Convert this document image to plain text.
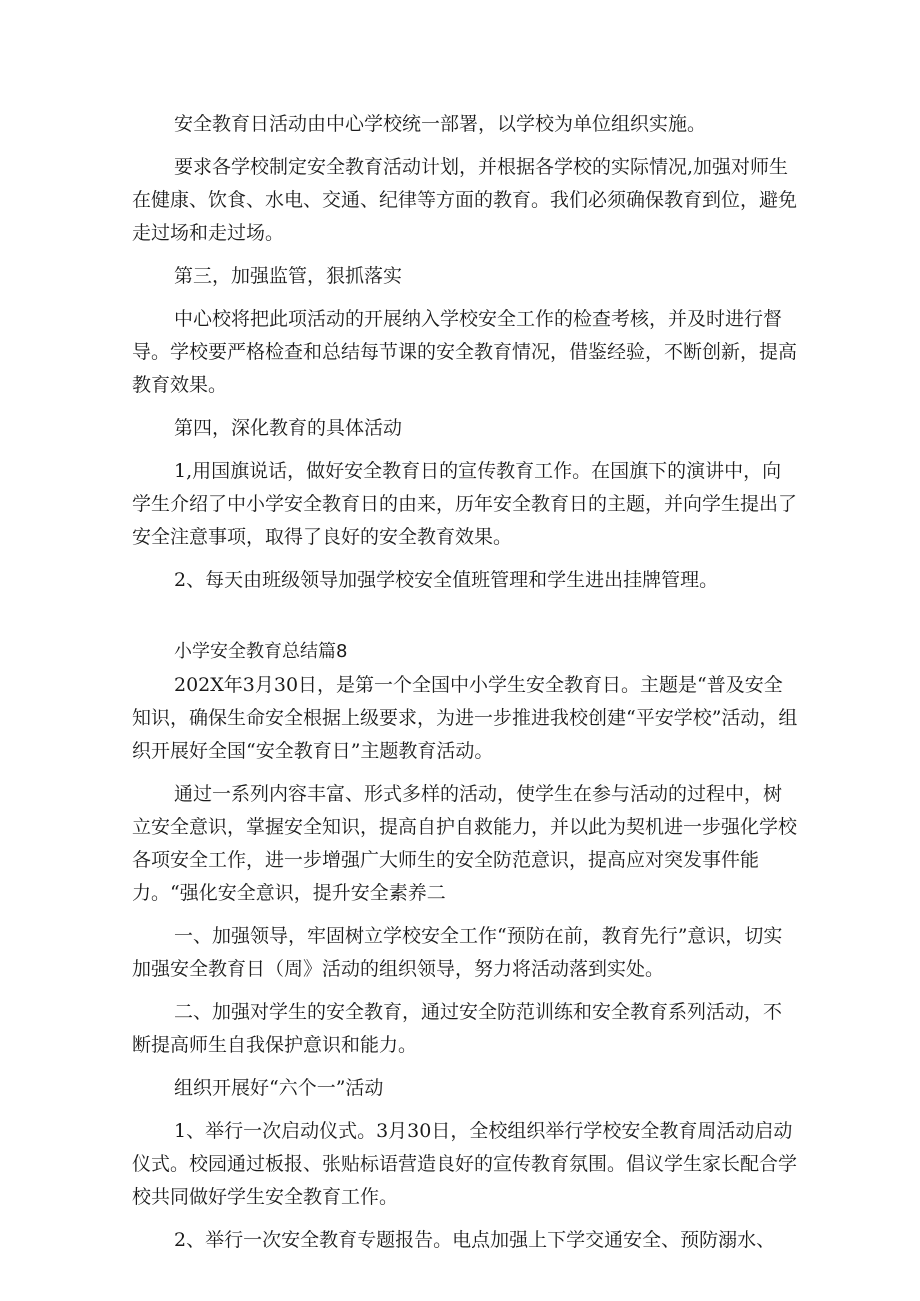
安全教育日活动由中心学校统一部署，以学校为单位组织实施。

要求各学校制定安全教育活动计划，并根据各学校的实际情况,加强对师生在健康、饮食、水电、交通、纪律等方面的教育。我们必须确保教育到位，避免走过场和走过场。

第三，加强监管，狠抓落实

中心校将把此项活动的开展纳入学校安全工作的检查考核，并及时进行督导。学校要严格检查和总结每节课的安全教育情况，借鉴经验，不断创新，提高教育效果。

第四，深化教育的具体活动

1,用国旗说话，做好安全教育日的宣传教育工作。在国旗下的演讲中，向学生介绍了中小学安全教育日的由来，历年安全教育日的主题，并向学生提出了安全注意事项，取得了良好的安全教育效果。

2、每天由班级领导加强学校安全值班管理和学生进出挂牌管理。

小学安全教育总结篇8

202X年3月30日，是第一个全国中小学生安全教育日。主题是“普及安全知识，确保生命安全根据上级要求，为进一步推进我校创建“平安学校”活动，组织开展好全国“安全教育日”主题教育活动。

通过一系列内容丰富、形式多样的活动，使学生在参与活动的过程中，树立安全意识，掌握安全知识，提高自护自救能力，并以此为契机进一步强化学校各项安全工作，进一步增强广大师生的安全防范意识，提高应对突发事件能力。“强化安全意识，提升安全素养二

一、加强领导，牢固树立学校安全工作“预防在前，教育先行”意识，切实加强安全教育日（周》活动的组织领导，努力将活动落到实处。

二、加强对学生的安全教育，通过安全防范训练和安全教育系列活动，不断提高师生自我保护意识和能力。

组织开展好“六个一”活动

1、举行一次启动仪式。3月30日，全校组织举行学校安全教育周活动启动仪式。校园通过板报、张贴标语营造良好的宣传教育氛围。倡议学生家长配合学校共同做好学生安全教育工作。

2、举行一次安全教育专题报告。电点加强上下学交通安全、预防溺水、
